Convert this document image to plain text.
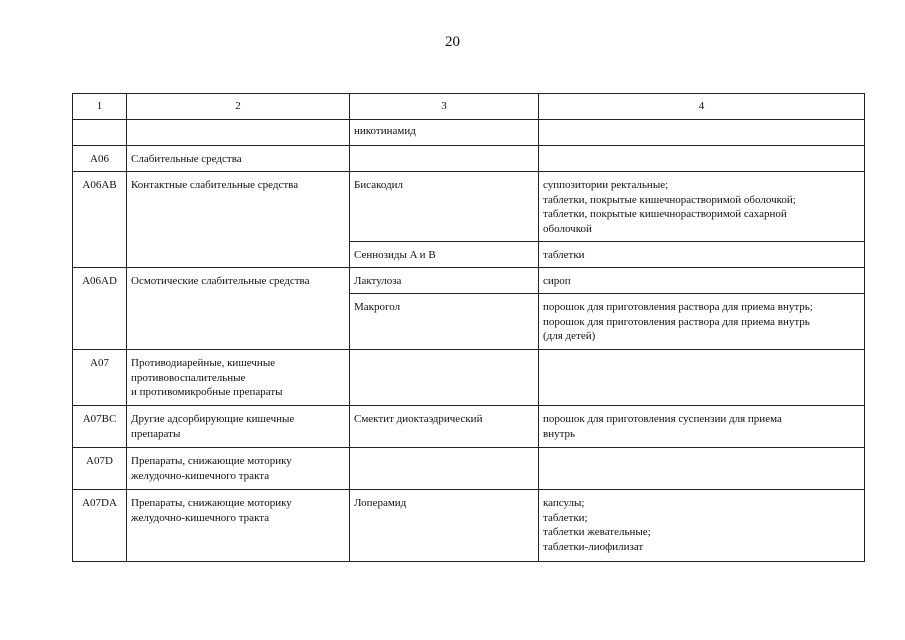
20
1	2	3	4
		никотинамид	
A06	Слабительные средства		
A06AB	Контактные слабительные средства	Бисакодил	суппозитории ректальные;
таблетки, покрытые кишечнорастворимой оболочкой;
таблетки, покрытые кишечнорастворимой сахарной
оболочкой

		Сеннозиды A и B	таблетки

A06AD	Осмотические слабительные средства	Лактулоза	сироп

		Макрогол	порошок для приготовления раствора для приема внутрь;
порошок для приготовления раствора для приема внутрь
(для детей)

A07	Противодиарейные, кишечные
противовоспалительные
и противомикробные препараты		

A07BC	Другие адсорбирующие кишечные
препараты	Смектит диоктаэдрический	порошок для приготовления суспензии для приема
внутрь

A07D	Препараты, снижающие моторику
желудочно-кишечного тракта		

A07DA	Препараты, снижающие моторику
желудочно-кишечного тракта	Лоперамид	капсулы;
таблетки;
таблетки жевательные;
таблетки-лиофилизат
